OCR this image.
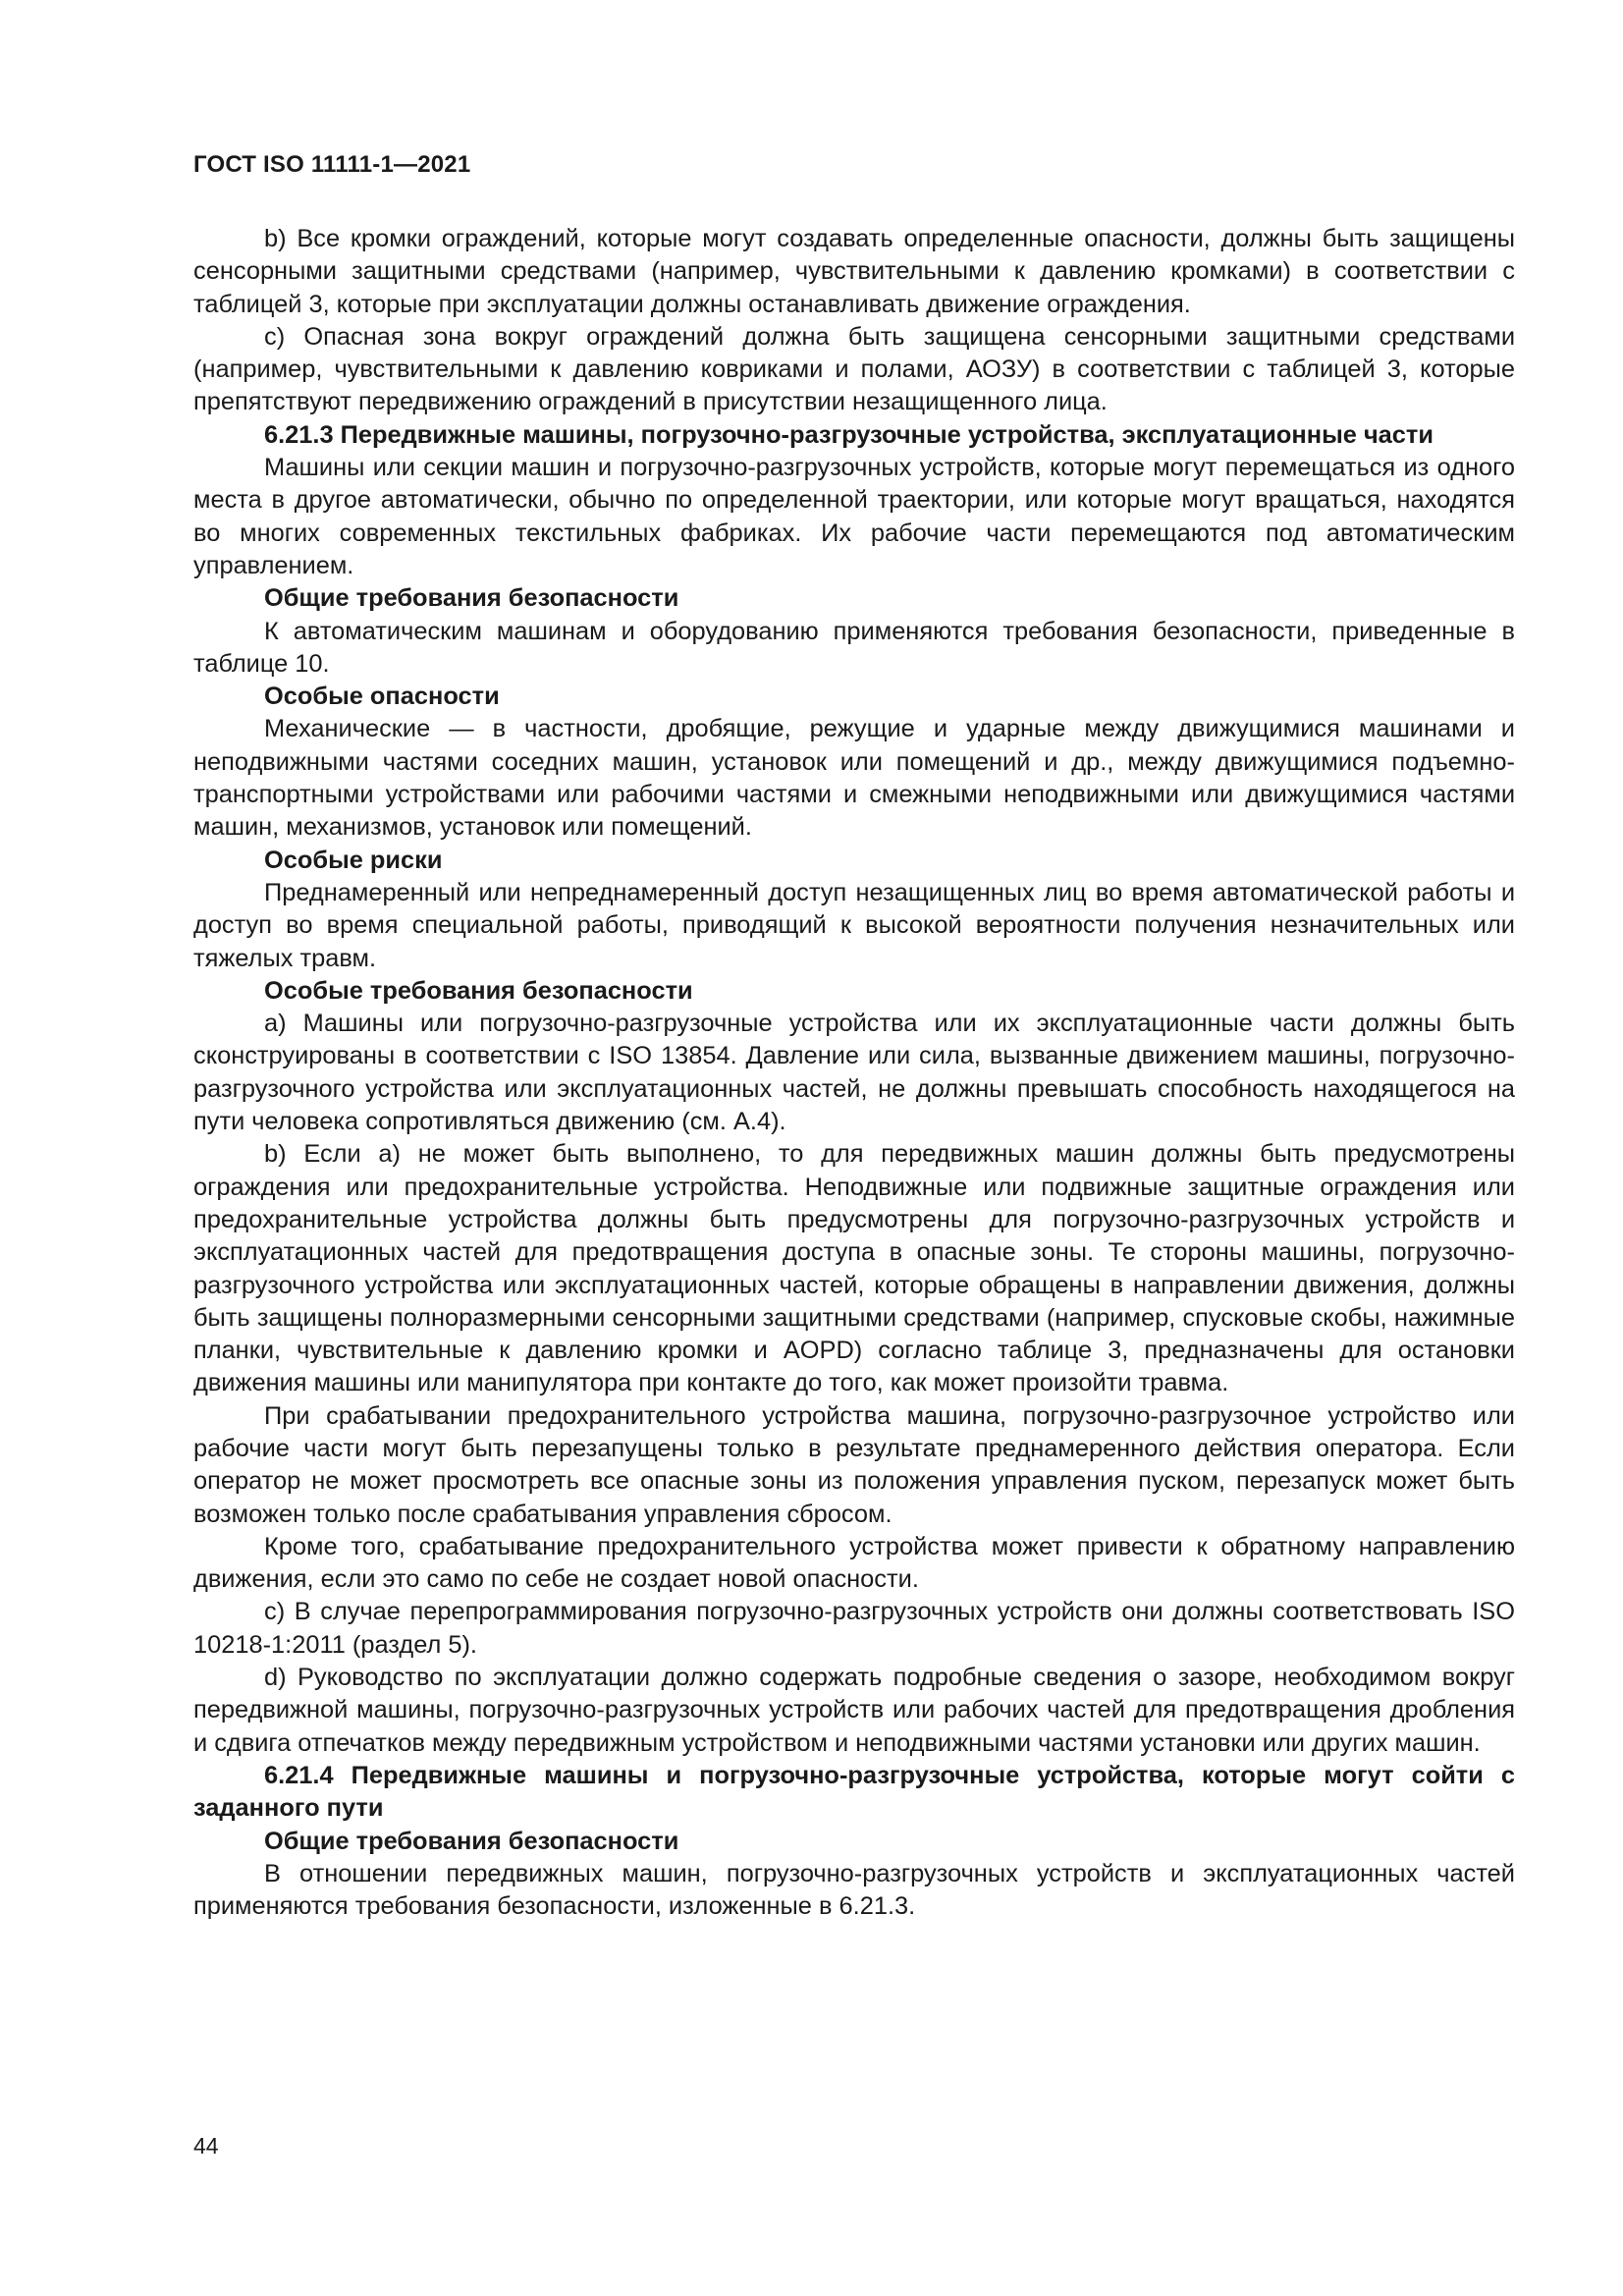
ГОСТ ISO 11111-1—2021

b) Все кромки ограждений, которые могут создавать определенные опасности, должны быть защищены сенсорными защитными средствами (например, чувствительными к давлению кромками) в соответствии с таблицей 3, которые при эксплуатации должны останавливать движение ограждения.

c) Опасная зона вокруг ограждений должна быть защищена сенсорными защитными средствами (например, чувствительными к давлению ковриками и полами, АОЗУ) в соответствии с таблицей 3, которые препятствуют передвижению ограждений в присутствии незащищенного лица.

6.21.3 Передвижные машины, погрузочно-разгрузочные устройства, эксплуатационные части

Машины или секции машин и погрузочно-разгрузочных устройств, которые могут перемещаться из одного места в другое автоматически, обычно по определенной траектории, или которые могут вращаться, находятся во многих современных текстильных фабриках. Их рабочие части перемещаются под автоматическим управлением.

Общие требования безопасности

К автоматическим машинам и оборудованию применяются требования безопасности, приведенные в таблице 10.

Особые опасности

Механические — в частности, дробящие, режущие и ударные между движущимися машинами и неподвижными частями соседних машин, установок или помещений и др., между движущимися подъемно-транспортными устройствами или рабочими частями и смежными неподвижными или движущимися частями машин, механизмов, установок или помещений.

Особые риски

Преднамеренный или непреднамеренный доступ незащищенных лиц во время автоматической работы и доступ во время специальной работы, приводящий к высокой вероятности получения незначительных или тяжелых травм.

Особые требования безопасности

a) Машины или погрузочно-разгрузочные устройства или их эксплуатационные части должны быть сконструированы в соответствии с ISO 13854. Давление или сила, вызванные движением машины, погрузочно-разгрузочного устройства или эксплуатационных частей, не должны превышать способность находящегося на пути человека сопротивляться движению (см. A.4).

b) Если a) не может быть выполнено, то для передвижных машин должны быть предусмотрены ограждения или предохранительные устройства. Неподвижные или подвижные защитные ограждения или предохранительные устройства должны быть предусмотрены для погрузочно-разгрузочных устройств и эксплуатационных частей для предотвращения доступа в опасные зоны. Те стороны машины, погрузочно-разгрузочного устройства или эксплуатационных частей, которые обращены в направлении движения, должны быть защищены полноразмерными сенсорными защитными средствами (например, спусковые скобы, нажимные планки, чувствительные к давлению кромки и AOPD) согласно таблице 3, предназначены для остановки движения машины или манипулятора при контакте до того, как может произойти травма.

При срабатывании предохранительного устройства машина, погрузочно-разгрузочное устройство или рабочие части могут быть перезапущены только в результате преднамеренного действия оператора. Если оператор не может просмотреть все опасные зоны из положения управления пуском, перезапуск может быть возможен только после срабатывания управления сбросом.

Кроме того, срабатывание предохранительного устройства может привести к обратному направлению движения, если это само по себе не создает новой опасности.

c) В случае перепрограммирования погрузочно-разгрузочных устройств они должны соответствовать ISO 10218-1:2011 (раздел 5).

d) Руководство по эксплуатации должно содержать подробные сведения о зазоре, необходимом вокруг передвижной машины, погрузочно-разгрузочных устройств или рабочих частей для предотвращения дробления и сдвига отпечатков между передвижным устройством и неподвижными частями установки или других машин.

6.21.4 Передвижные машины и погрузочно-разгрузочные устройства, которые могут сойти с заданного пути

Общие требования безопасности

В отношении передвижных машин, погрузочно-разгрузочных устройств и эксплуатационных частей применяются требования безопасности, изложенные в 6.21.3.

44
